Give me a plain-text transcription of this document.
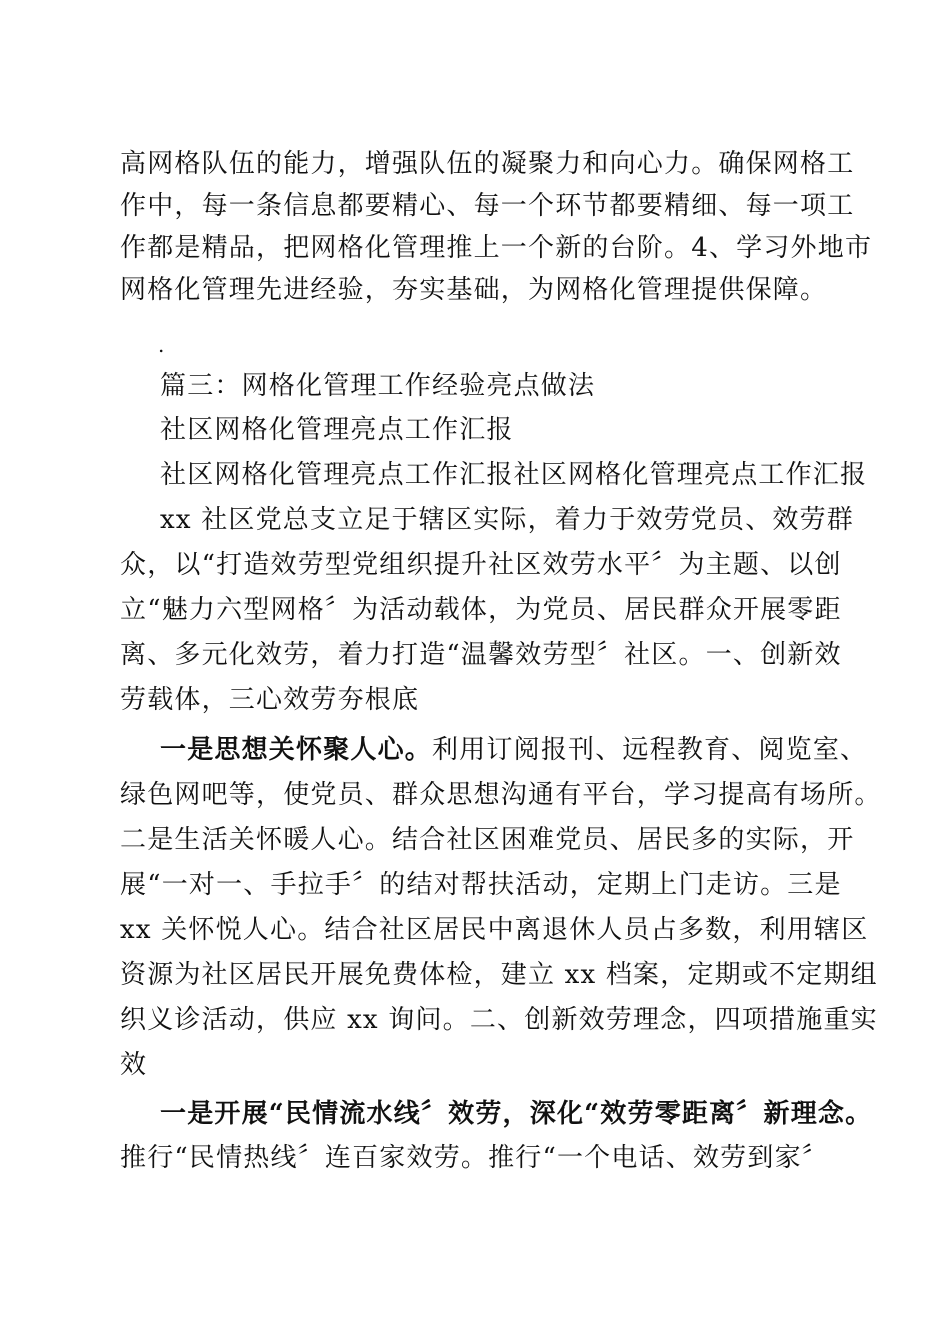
高网格队伍的能力，增强队伍的凝聚力和向心力。确保网格工
作中，每一条信息都要精心、每一个环节都要精细、每一项工
作都是精品，把网格化管理推上一个新的台阶。4、学习外地市
网格化管理先进经验，夯实基础，为网格化管理提供保障。
.
篇三：网格化管理工作经验亮点做法
社区网格化管理亮点工作汇报
社区网格化管理亮点工作汇报社区网格化管理亮点工作汇报
xx 社区党总支立足于辖区实际，着力于效劳党员、效劳群
众，以“打造效劳型党组织提升社区效劳水平〞为主题、以创
立“魅力六型网格〞为活动载体，为党员、居民群众开展零距
离、多元化效劳，着力打造“温馨效劳型〞社区。一、创新效
劳载体，三心效劳夯根底
一是思想关怀聚人心。利用订阅报刊、远程教育、阅览室、
绿色网吧等，使党员、群众思想沟通有平台，学习提高有场所。
二是生活关怀暖人心。结合社区困难党员、居民多的实际，开
展“一对一、手拉手〞的结对帮扶活动，定期上门走访。三是
xx 关怀悦人心。结合社区居民中离退休人员占多数，利用辖区
资源为社区居民开展免费体检，建立 xx 档案，定期或不定期组
织义诊活动，供应 xx 询问。二、创新效劳理念，四项措施重实
效
一是开展“民情流水线〞效劳，深化“效劳零距离〞新理念。
推行“民情热线〞连百家效劳。推行“一个电话、效劳到家〞
